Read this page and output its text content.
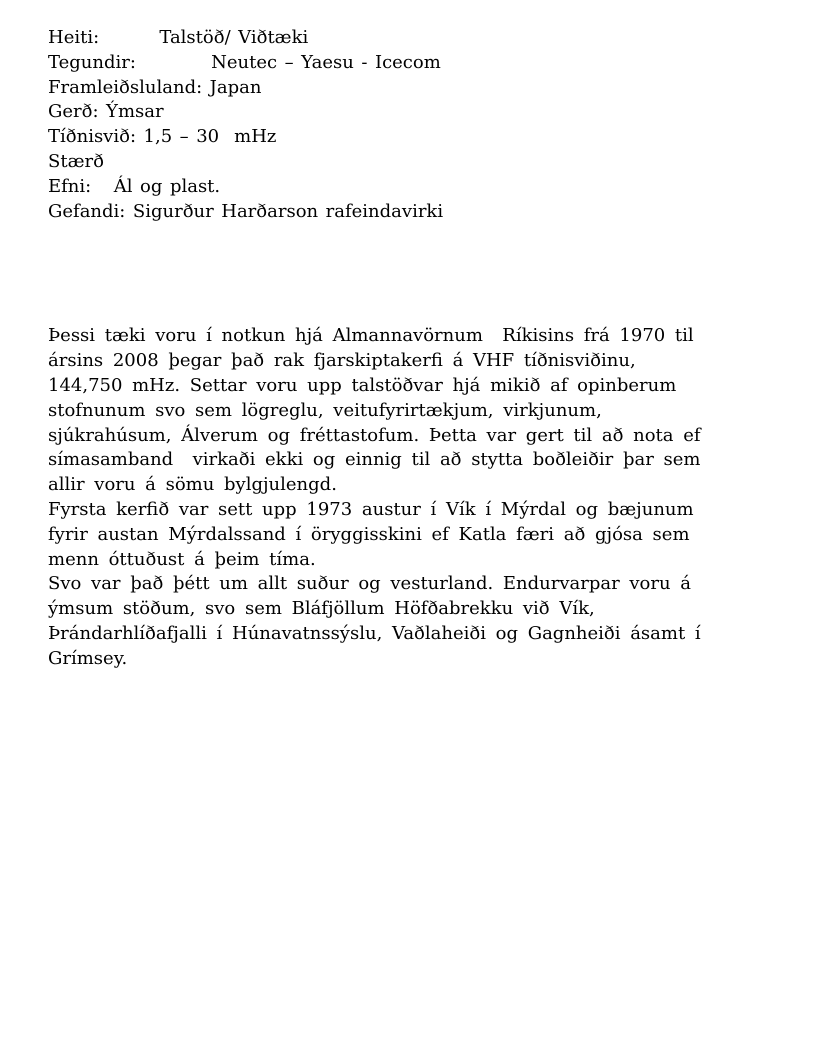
Heiti:        Talstöð/ Viðtæki
Tegundir:          Neutec – Yaesu - Icecom
Framleiðsluland: Japan
Gerð: Ýmsar
Tíðnisvið: 1,5 – 30  mHz
Stærð
Efni:   Ál og plast.
Gefandi: Sigurður Harðarson rafeindavirki
Þessi tæki voru í notkun hjá Almannavörnum  Ríkisins frá 1970 til
ársins 2008 þegar það rak fjarskiptakerfi á VHF tíðnisviðinu,
144,750 mHz. Settar voru upp talstöðvar hjá mikið af opinberum
stofnunum svo sem lögreglu, veitufyrirtækjum, virkjunum,
sjúkrahúsum, Álverum og fréttastofum. Þetta var gert til að nota ef
símasamband  virkaði ekki og einnig til að stytta boðleiðir þar sem
allir voru á sömu bylgjulengd.
Fyrsta kerfið var sett upp 1973 austur í Vík í Mýrdal og bæjunum
fyrir austan Mýrdalssand í öryggisskini ef Katla færi að gjósa sem
menn óttuðust á þeim tíma.
Svo var það þétt um allt suður og vesturland. Endurvarpar voru á
ýmsum stöðum, svo sem Bláfjöllum Höfðabrekku við Vík,
Þrándarhlíðafjalli í Húnavatnssýslu, Vaðlaheiði og Gagnheiði ásamt í
Grímsey.
